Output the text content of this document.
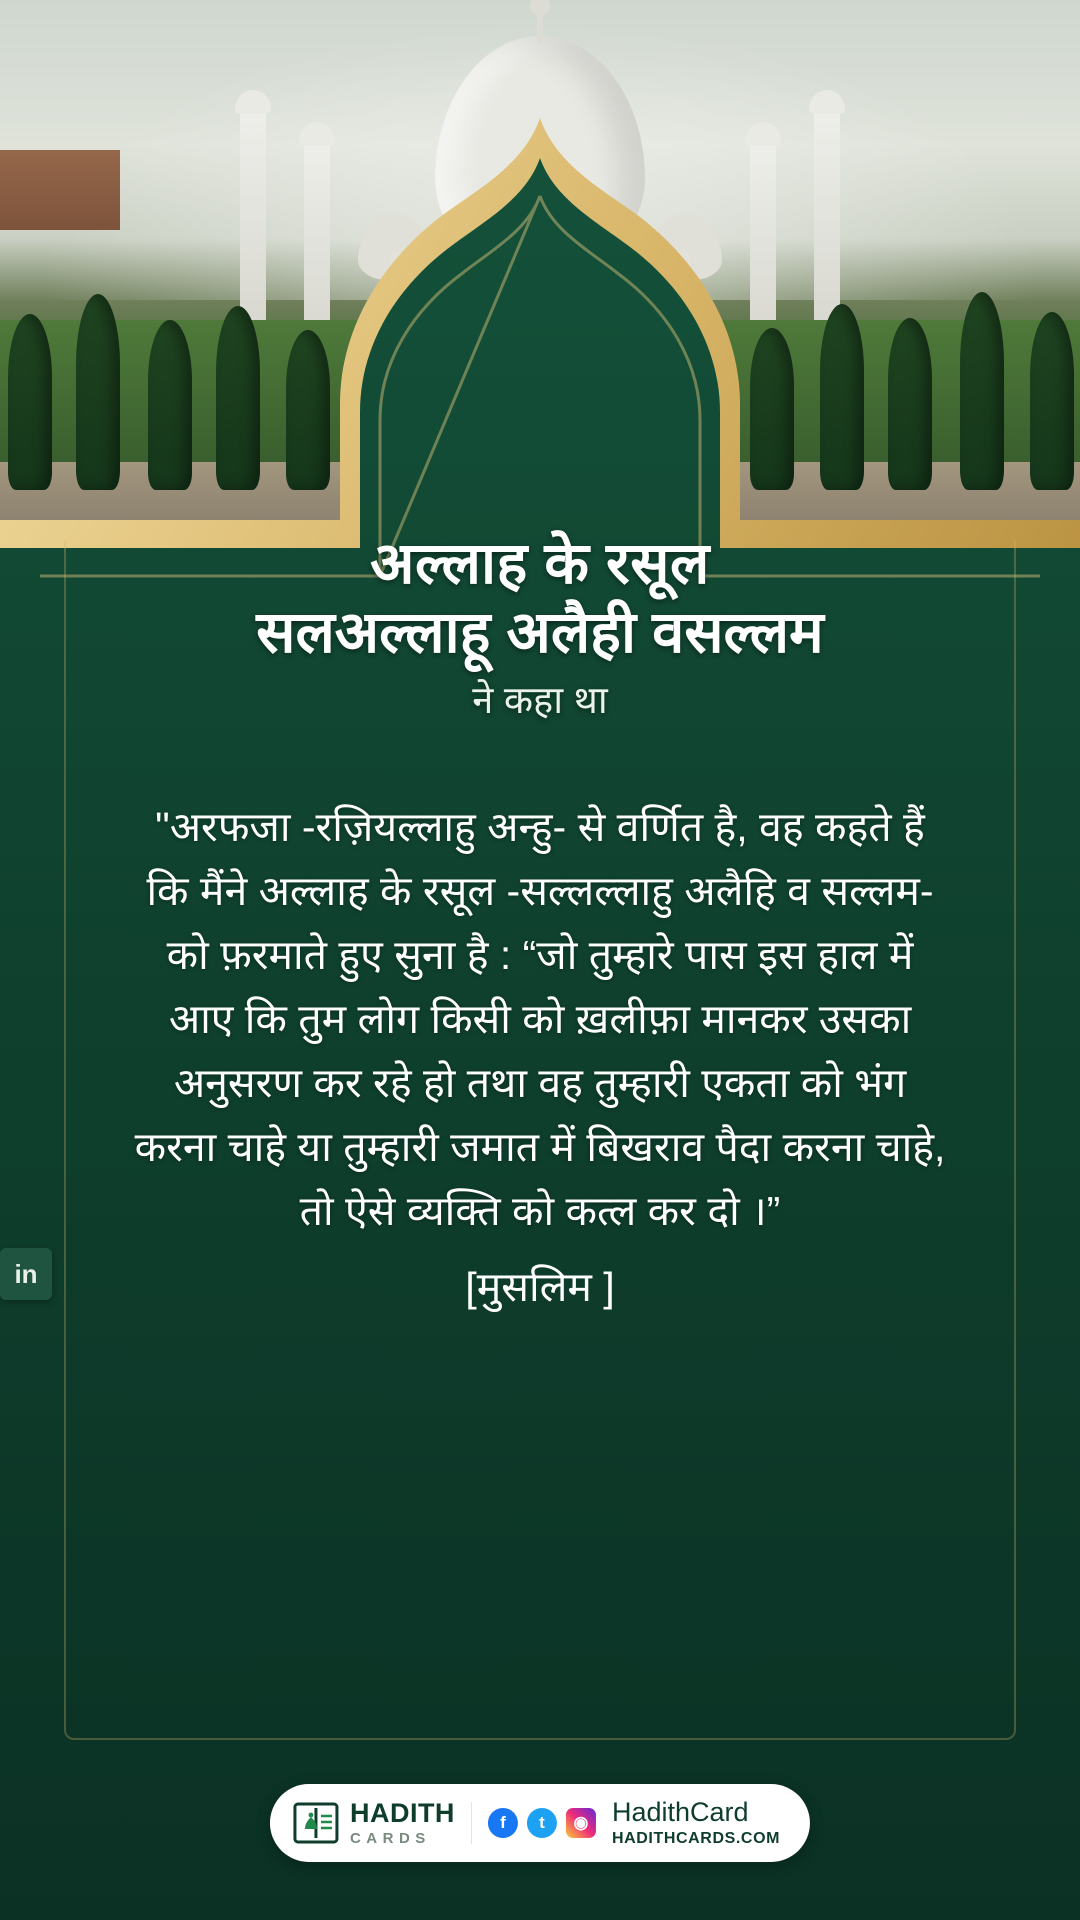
अल्लाह के रसूल
सलअल्लाहू अलैही वसल्लम
ने कहा था
"अरफजा -रज़ियल्लाहु अन्हु- से वर्णित है, वह कहते हैं कि मैंने अल्लाह के रसूल -सल्लल्लाहु अलैहि व सल्लम- को फ़रमाते हुए सुना है : “जो तुम्हारे पास इस हाल में आए कि तुम लोग किसी को ख़लीफ़ा मानकर उसका अनुसरण कर रहे हो तथा वह तुम्हारी एकता को भंग करना चाहे या तुम्हारी जमात में बिखराव पैदा करना चाहे, तो ऐसे व्यक्ति को कत्ल कर दो ।”
[मुसलिम ]
in
HADITH
CARDS
f	t	◉ HadithCard
HADITHCARDS.COM
